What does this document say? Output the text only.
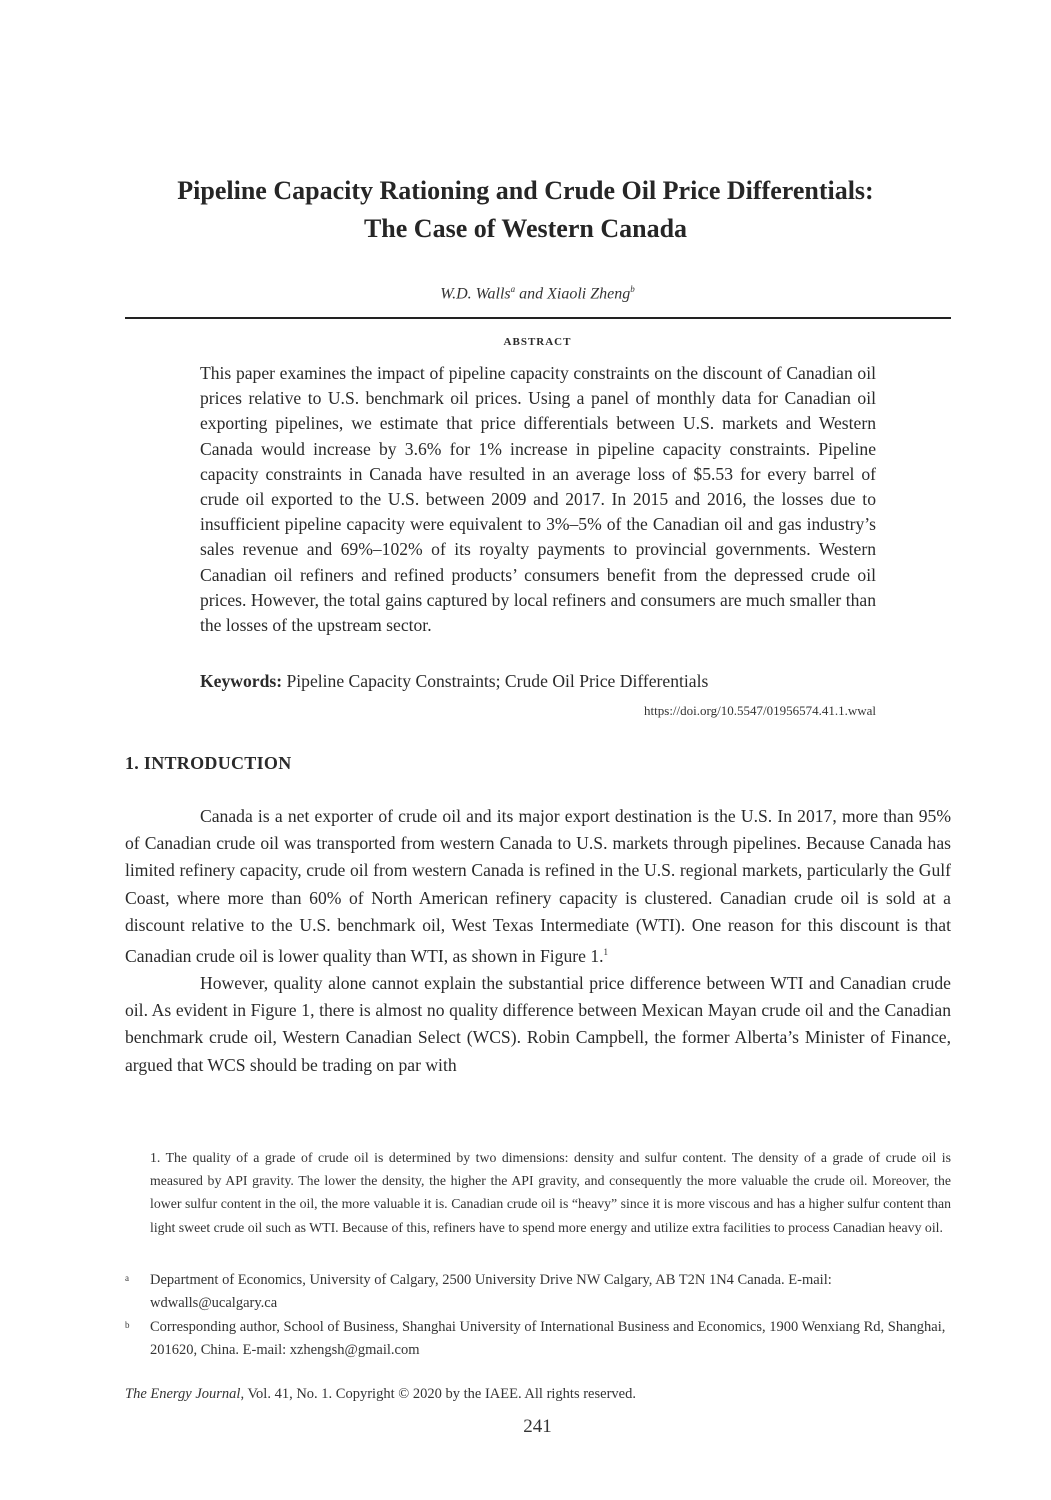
Pipeline Capacity Rationing and Crude Oil Price Differentials:
The Case of Western Canada
W.D. Walls$^a$ and Xiaoli Zheng$^b$
ABSTRACT
This paper examines the impact of pipeline capacity constraints on the discount of Canadian oil prices relative to U.S. benchmark oil prices. Using a panel of monthly data for Canadian oil exporting pipelines, we estimate that price differentials between U.S. markets and Western Canada would increase by 3.6% for 1% increase in pipeline capacity constraints. Pipeline capacity constraints in Canada have resulted in an average loss of $5.53 for every barrel of crude oil exported to the U.S. between 2009 and 2017. In 2015 and 2016, the losses due to insufficient pipeline capacity were equivalent to 3%–5% of the Canadian oil and gas industry’s sales revenue and 69%–102% of its royalty payments to provincial governments. Western Canadian oil refiners and refined products’ consumers benefit from the depressed crude oil prices. However, the total gains captured by local refiners and consumers are much smaller than the losses of the upstream sector.
Keywords: Pipeline Capacity Constraints; Crude Oil Price Differentials
https://doi.org/10.5547/01956574.41.1.wwal
1. INTRODUCTION

Canada is a net exporter of crude oil and its major export destination is the U.S. In 2017, more than 95% of Canadian crude oil was transported from western Canada to U.S. markets through pipelines. Because Canada has limited refinery capacity, crude oil from western Canada is refined in the U.S. regional markets, particularly the Gulf Coast, where more than 60% of North American refinery capacity is clustered. Canadian crude oil is sold at a discount relative to the U.S. benchmark oil, West Texas Intermediate (WTI). One reason for this discount is that Canadian crude oil is lower quality than WTI, as shown in Figure 1.$^1$

However, quality alone cannot explain the substantial price difference between WTI and Canadian crude oil. As evident in Figure 1, there is almost no quality difference between Mexican Mayan crude oil and the Canadian benchmark crude oil, Western Canadian Select (WCS). Robin Campbell, the former Alberta’s Minister of Finance, argued that WCS should be trading on par with

1. The quality of a grade of crude oil is determined by two dimensions: density and sulfur content. The density of a grade of crude oil is measured by API gravity. The lower the density, the higher the API gravity, and consequently the more valuable the crude oil. Moreover, the lower sulfur content in the oil, the more valuable it is. Canadian crude oil is “heavy” since it is more viscous and has a higher sulfur content than light sweet crude oil such as WTI. Because of this, refiners have to spend more energy and utilize extra facilities to process Canadian heavy oil.
a Department of Economics, University of Calgary, 2500 University Drive NW Calgary, AB T2N 1N4 Canada. E-mail: wdwalls@ucalgary.ca
b Corresponding author, School of Business, Shanghai University of International Business and Economics, 1900 Wenxiang Rd, Shanghai, 201620, China. E-mail: xzhengsh@gmail.com
The Energy Journal, Vol. 41, No. 1. Copyright © 2020 by the IAEE. All rights reserved.
241
